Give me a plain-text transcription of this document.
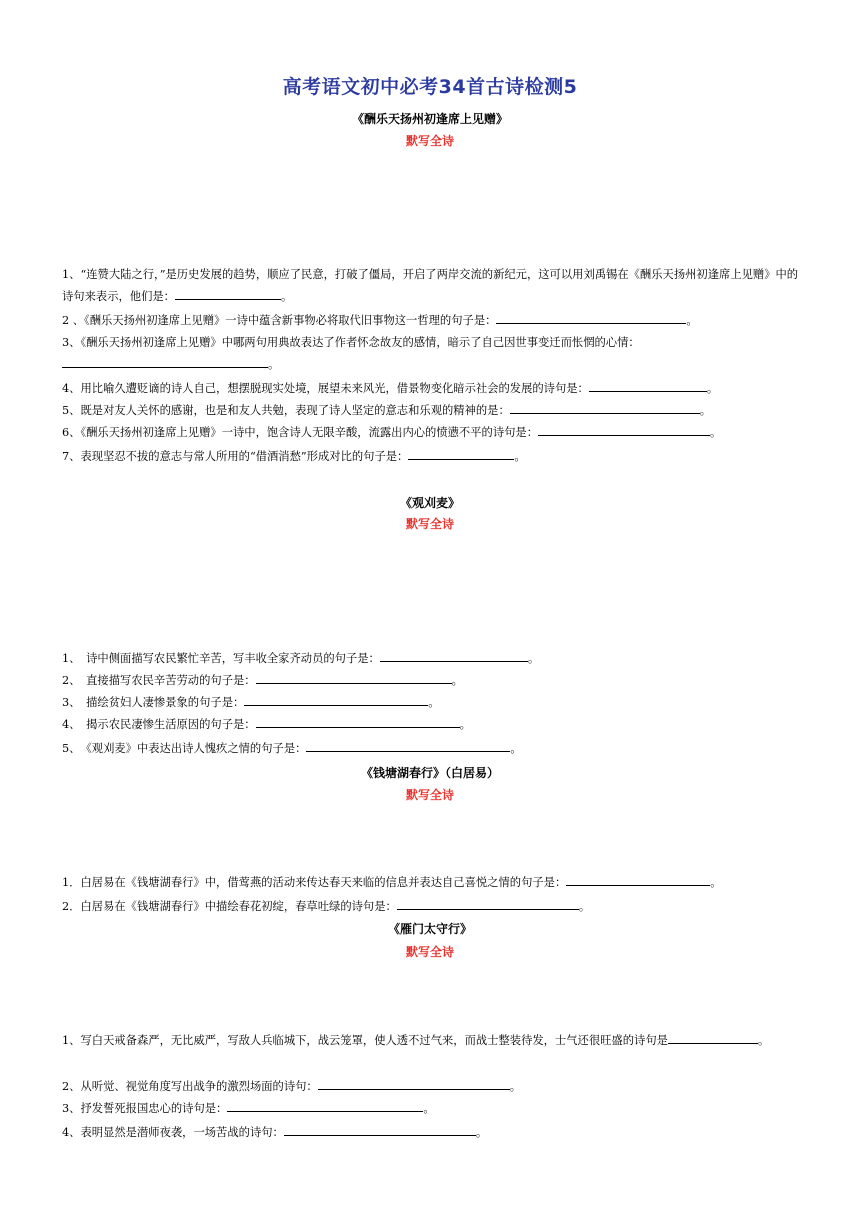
高考语文初中必考34首古诗检测5
《酬乐天扬州初逢席上见赠》
默写全诗
1、“连赞大陆之行，”是历史发展的趋势，顺应了民意，打破了僵局，开启了两岸交流的新纪元，这可以用刘禹锡在《酬乐天扬州初逢席上见赠》中的诗句来表示，他们是：	。
2 、《酬乐天扬州初逢席上见赠》一诗中蕴含新事物必将取代旧事物这一哲理的句子是：	。
3、《酬乐天扬州初逢席上见赠》中哪两句用典故表达了作者怀念故友的感情，暗示了自己因世事变迁而怅惘的心情：。
4、用比喻久遭贬谪的诗人自己，想摆脱现实处境，展望未来风光，借景物变化暗示社会的发展的诗句是：	。
5、既是对友人关怀的感谢，也是和友人共勉，表现了诗人坚定的意志和乐观的精神的是：	。
6、《酬乐天扬州初逢席上见赠》一诗中，饱含诗人无限辛酸，流露出内心的愤懑不平的诗句是：	。
7、表现坚忍不拔的意志与常人所用的“借酒消愁”形成对比的句子是：	。
《观刈麦》
默写全诗
1、　诗中侧面描写农民繁忙辛苦，写丰收全家齐动员的句子是：	。
2、　直接描写农民辛苦劳动的句子是：	。
3、　描绘贫妇人凄惨景象的句子是：	。
4、　揭示农民凄惨生活原因的句子是：	。
5、　《观刈麦》中表达出诗人愧疚之情的句子是：	。
《钱塘湖春行》（白居易）
默写全诗
1．白居易在《钱塘湖春行》中，借莺燕的活动来传达春天来临的信息并表达自己喜悦之情的句子是：	。
2．白居易在《钱塘湖春行》中描绘春花初绽，春草吐绿的诗句是：	。
《雁门太守行》
默写全诗
1、写白天戒备森严，无比威严，写敌人兵临城下，战云笼罩，使人透不过气来，而战士整装待发，士气还很旺盛的诗句是	。
2、从听觉、视觉角度写出战争的激烈场面的诗句：	。
3、抒发誓死报国忠心的诗句是：	。
4、表明显然是潜师夜袭，一场苦战的诗句：	。
